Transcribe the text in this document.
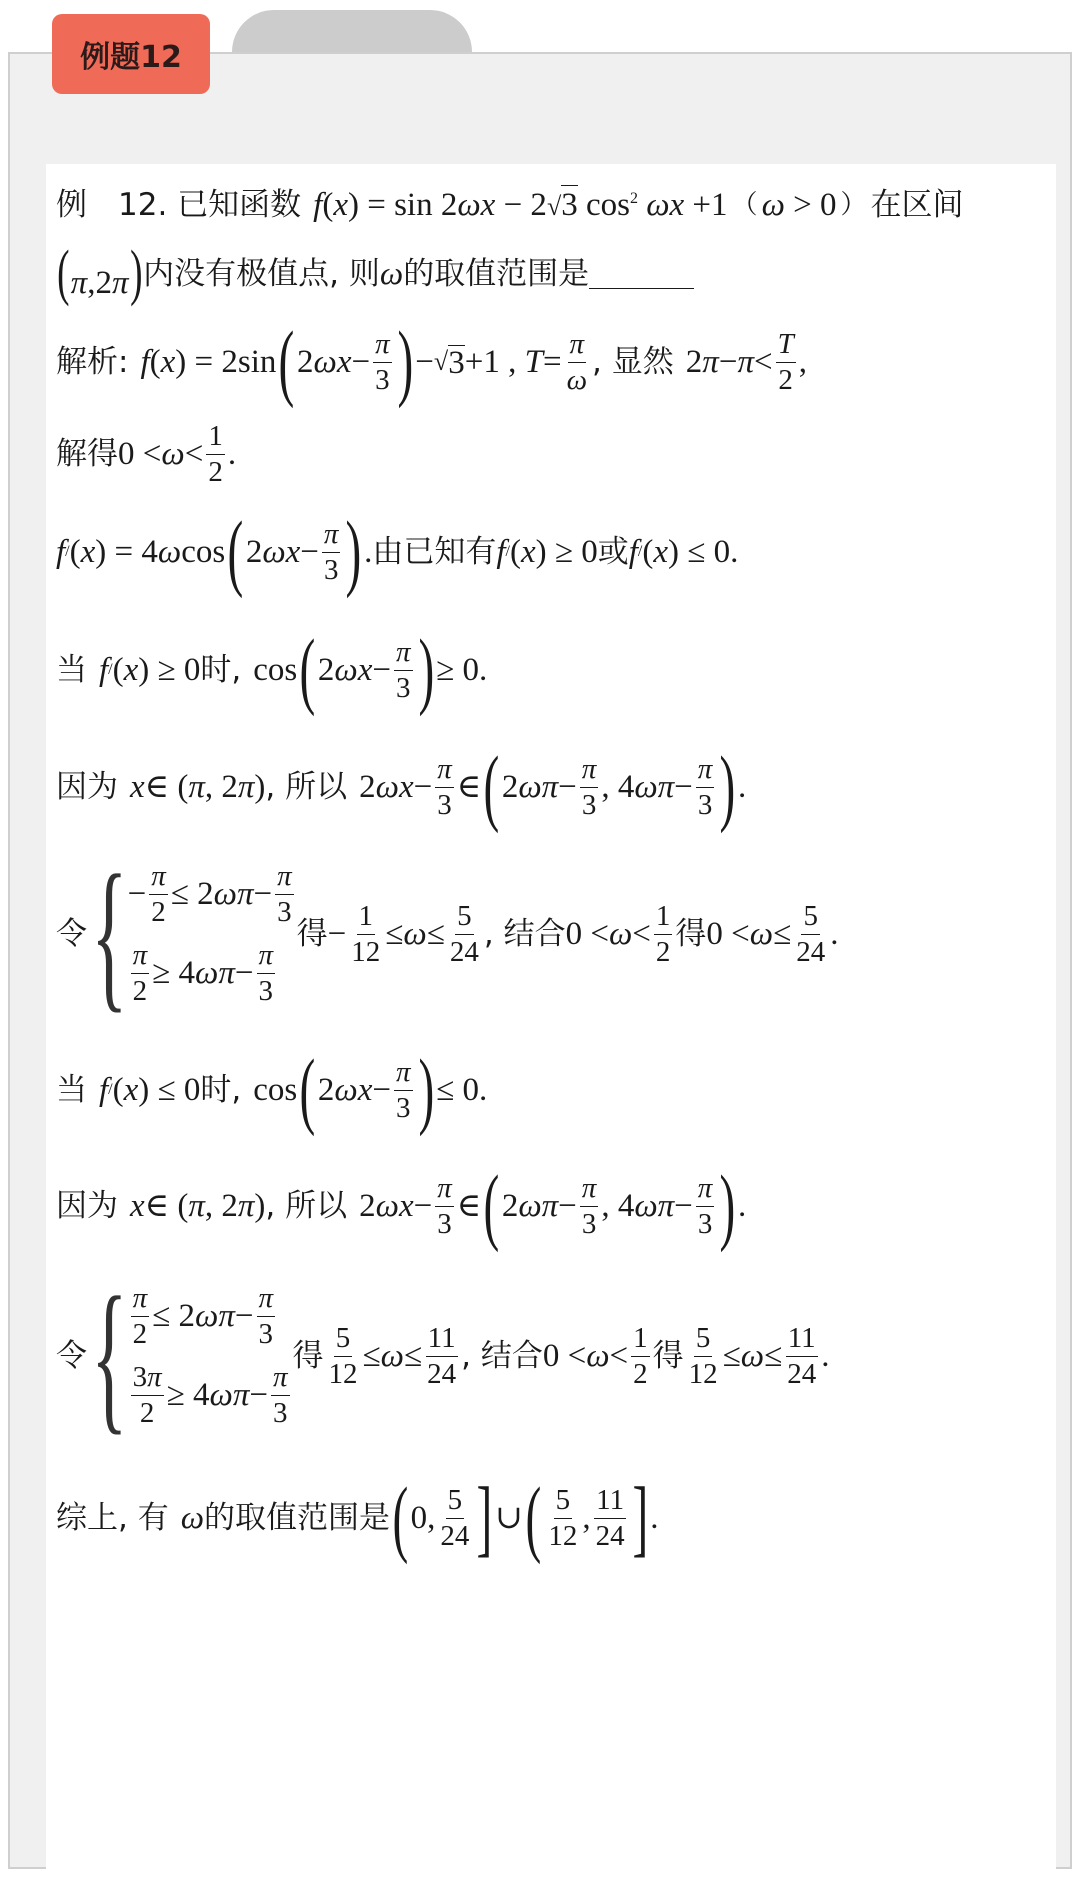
例　12. 已知函数 f(x) = sin 2ωx − 2√3 $\cos^2 \omega x +1$ （ ω > 0 ） 在区间
(π,2π) 内没有极值点, 则 ω 的取值范围是
解析: f ( x ) = 2sin ( 2 $\omega x - \frac{\pi}{3}$ ) − √ 3 +1 , $T = \frac{\pi}{\omega}$ , 显然 2 $\pi - \pi < \frac{T}{2}$ ,
解得 $0 < \omega < \frac{1}{2}$ .
f / ( x ) = 4 ω cos ( 2 $\omega x - \frac{\pi}{3}$ ) . 由已知有 f / ( x ) ≥ 0 或 f / ( x ) ≤ 0.
当 f / ( x ) ≥ 0 时, cos ( 2 $\omega x - \frac{\pi}{3}$ ) ≥ 0.
因为 x ∈ ( π , 2 π ) , 所以 2 $\omega x - \frac{\pi}{3}$ ∈ ( 2 $\omega\pi - \frac{\pi}{3}$ , 4 $\omega\pi - \frac{\pi}{3}$ ) .
令 { − $\frac{\pi}{2} \le 2$ $\omega\pi - \frac{\pi}{3}$
$\frac{\pi}{2} \ge 4$ $\omega\pi - \frac{\pi}{3}$
得 − $\frac{1}{12} \le \omega \le \frac{5}{24}$ , 结合 $0 < \omega < \frac{1}{2}$ 得 $0 < \omega \le \frac{5}{24}$ .
当 f / ( x ) ≤ 0 时, cos ( 2 $\omega x - \frac{\pi}{3}$ ) ≤ 0.
因为 x ∈ ( π , 2 π ) , 所以 2 $\omega x - \frac{\pi}{3}$ ∈ ( 2 $\omega\pi - \frac{\pi}{3}$ , 4 $\omega\pi - \frac{\pi}{3}$ ) .
令 { $\frac{\pi}{2} \le 2$ $\omega\pi - \frac{\pi}{3}$
$\frac{3\pi}{2} \ge 4$ $\omega\pi - \frac{\pi}{3}$
得 $\frac{5}{12} \le \omega \le \frac{11}{24}$ , 结合 $0 < \omega < \frac{1}{2}$ 得 $\frac{5}{12} \le \omega \le \frac{11}{24}$ .
综上, 有 ω 的取值范围是 ( 0, $\frac{5}{24}$ ] ∪ ( $\frac{5}{12}$ , $\frac{11}{24}$ ] .
例题12
